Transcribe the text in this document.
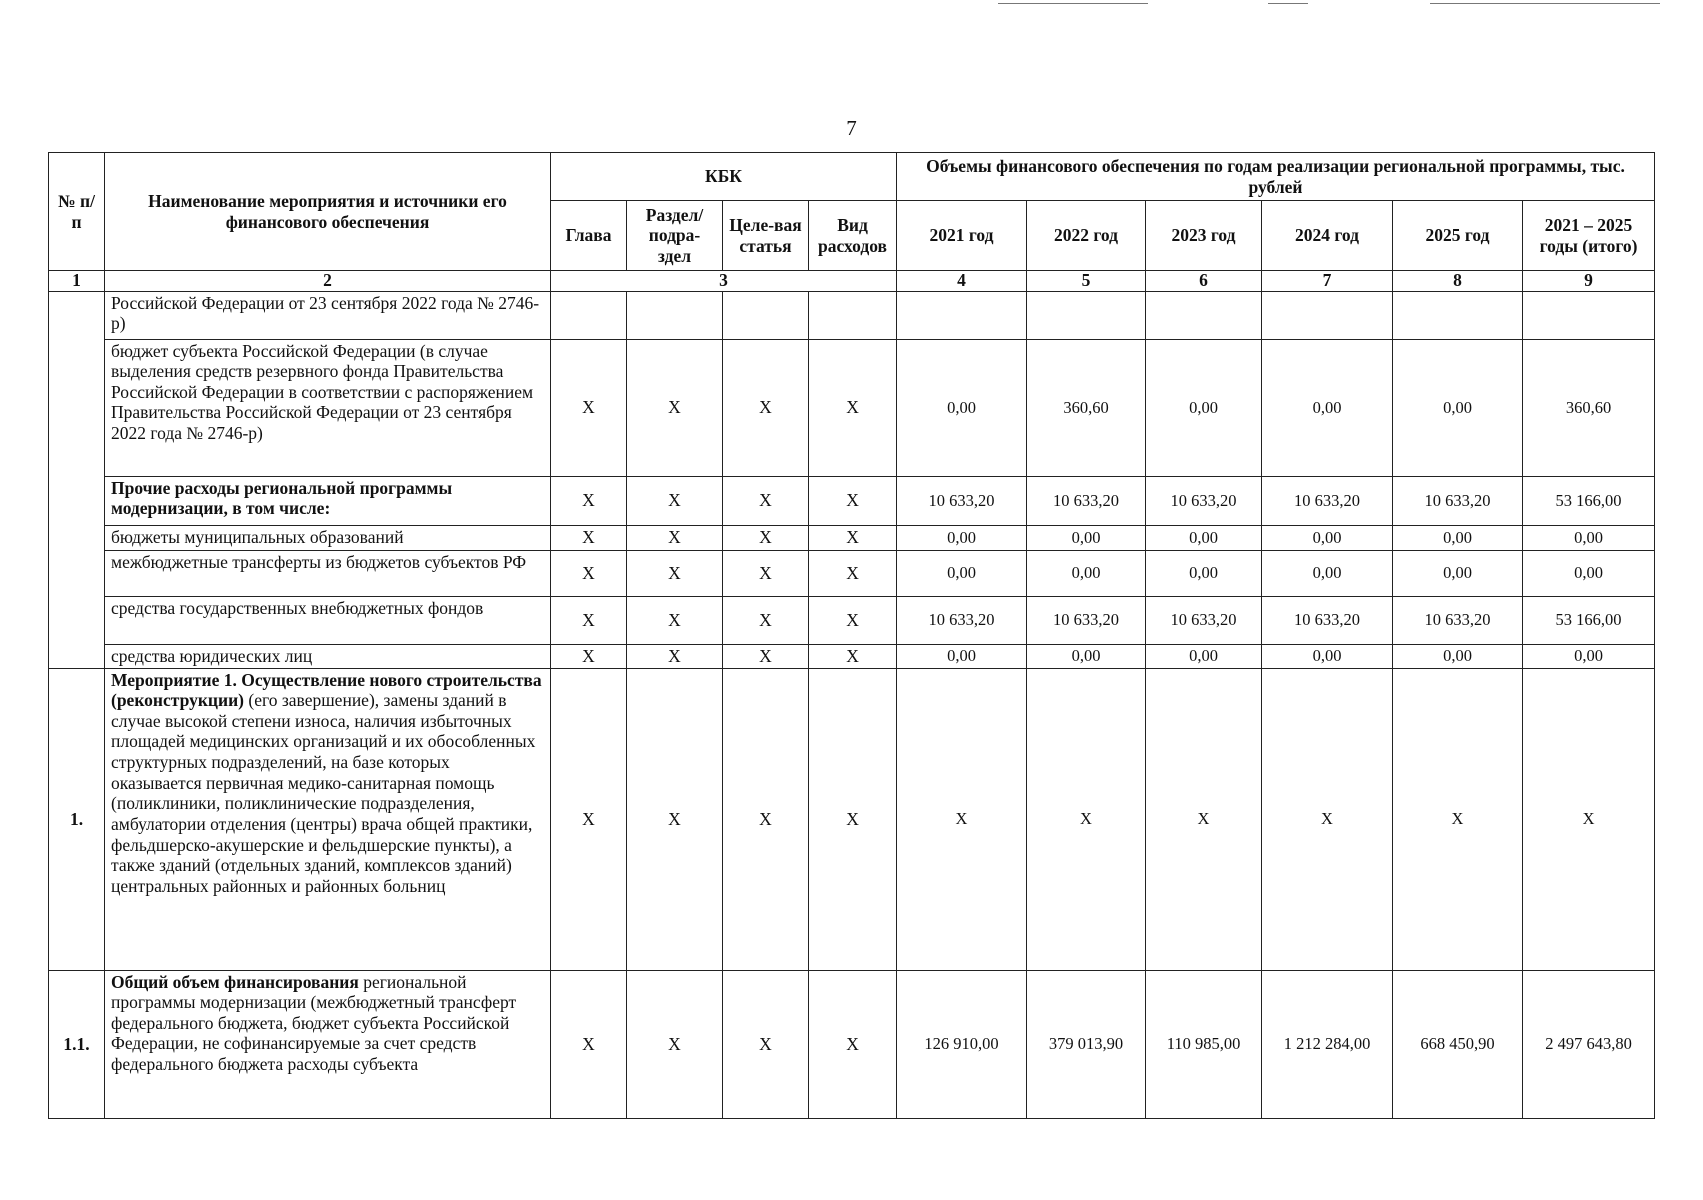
7
№ п/п	Наименование мероприятия и источники его финансового обеспечения	КБК				Объемы финансового обеспечения по годам реализации региональной программы, тыс. рублей					
		Глава	Раздел/ подра-здел	Целе-вая статья	Вид расходов	2021 год	2022 год	2023 год	2024 год	2025 год	2021 – 2025 годы (итого)
1	2	3				4	5	6	7	8	9
	Российской Федерации от 23 сентября 2022 года № 2746-р)										
	бюджет субъекта Российской Федерации (в случае выделения средств резервного фонда Правительства Российской Федерации в соответствии с распоряжением Правительства Российской Федерации от 23 сентября 2022 года № 2746-р)	X	X	X	X	0,00	360,60	0,00	0,00	0,00	360,60
	Прочие расходы региональной программы модернизации, в том числе:	X	X	X	X	10 633,20	10 633,20	10 633,20	10 633,20	10 633,20	53 166,00
	бюджеты муниципальных образований	X	X	X	X	0,00	0,00	0,00	0,00	0,00	0,00
	межбюджетные трансферты из бюджетов субъектов РФ	X	X	X	X	0,00	0,00	0,00	0,00	0,00	0,00
	средства государственных внебюджетных фондов	X	X	X	X	10 633,20	10 633,20	10 633,20	10 633,20	10 633,20	53 166,00
	средства юридических лиц	X	X	X	X	0,00	0,00	0,00	0,00	0,00	0,00
1.	Мероприятие 1. Осуществление нового строительства (реконструкции) (его завершение), замены зданий в случае высокой степени износа, наличия избыточных площадей медицинских организаций и их обособленных структурных подразделений, на базе которых оказывается первичная медико-санитарная помощь (поликлиники, поликлинические подразделения, амбулатории отделения (центры) врача общей практики, фельдшерско-акушерские и фельдшерские пункты), а также зданий (отдельных зданий, комплексов зданий) центральных районных и районных больниц	X	X	X	X	X	X	X	X	X	X
1.1.	Общий объем финансирования региональной программы модернизации (межбюджетный трансферт федерального бюджета, бюджет субъекта Российской Федерации, не софинансируемые за счет средств федерального бюджета расходы субъекта	X	X	X	X	126 910,00	379 013,90	110 985,00	1 212 284,00	668 450,90	2 497 643,80
